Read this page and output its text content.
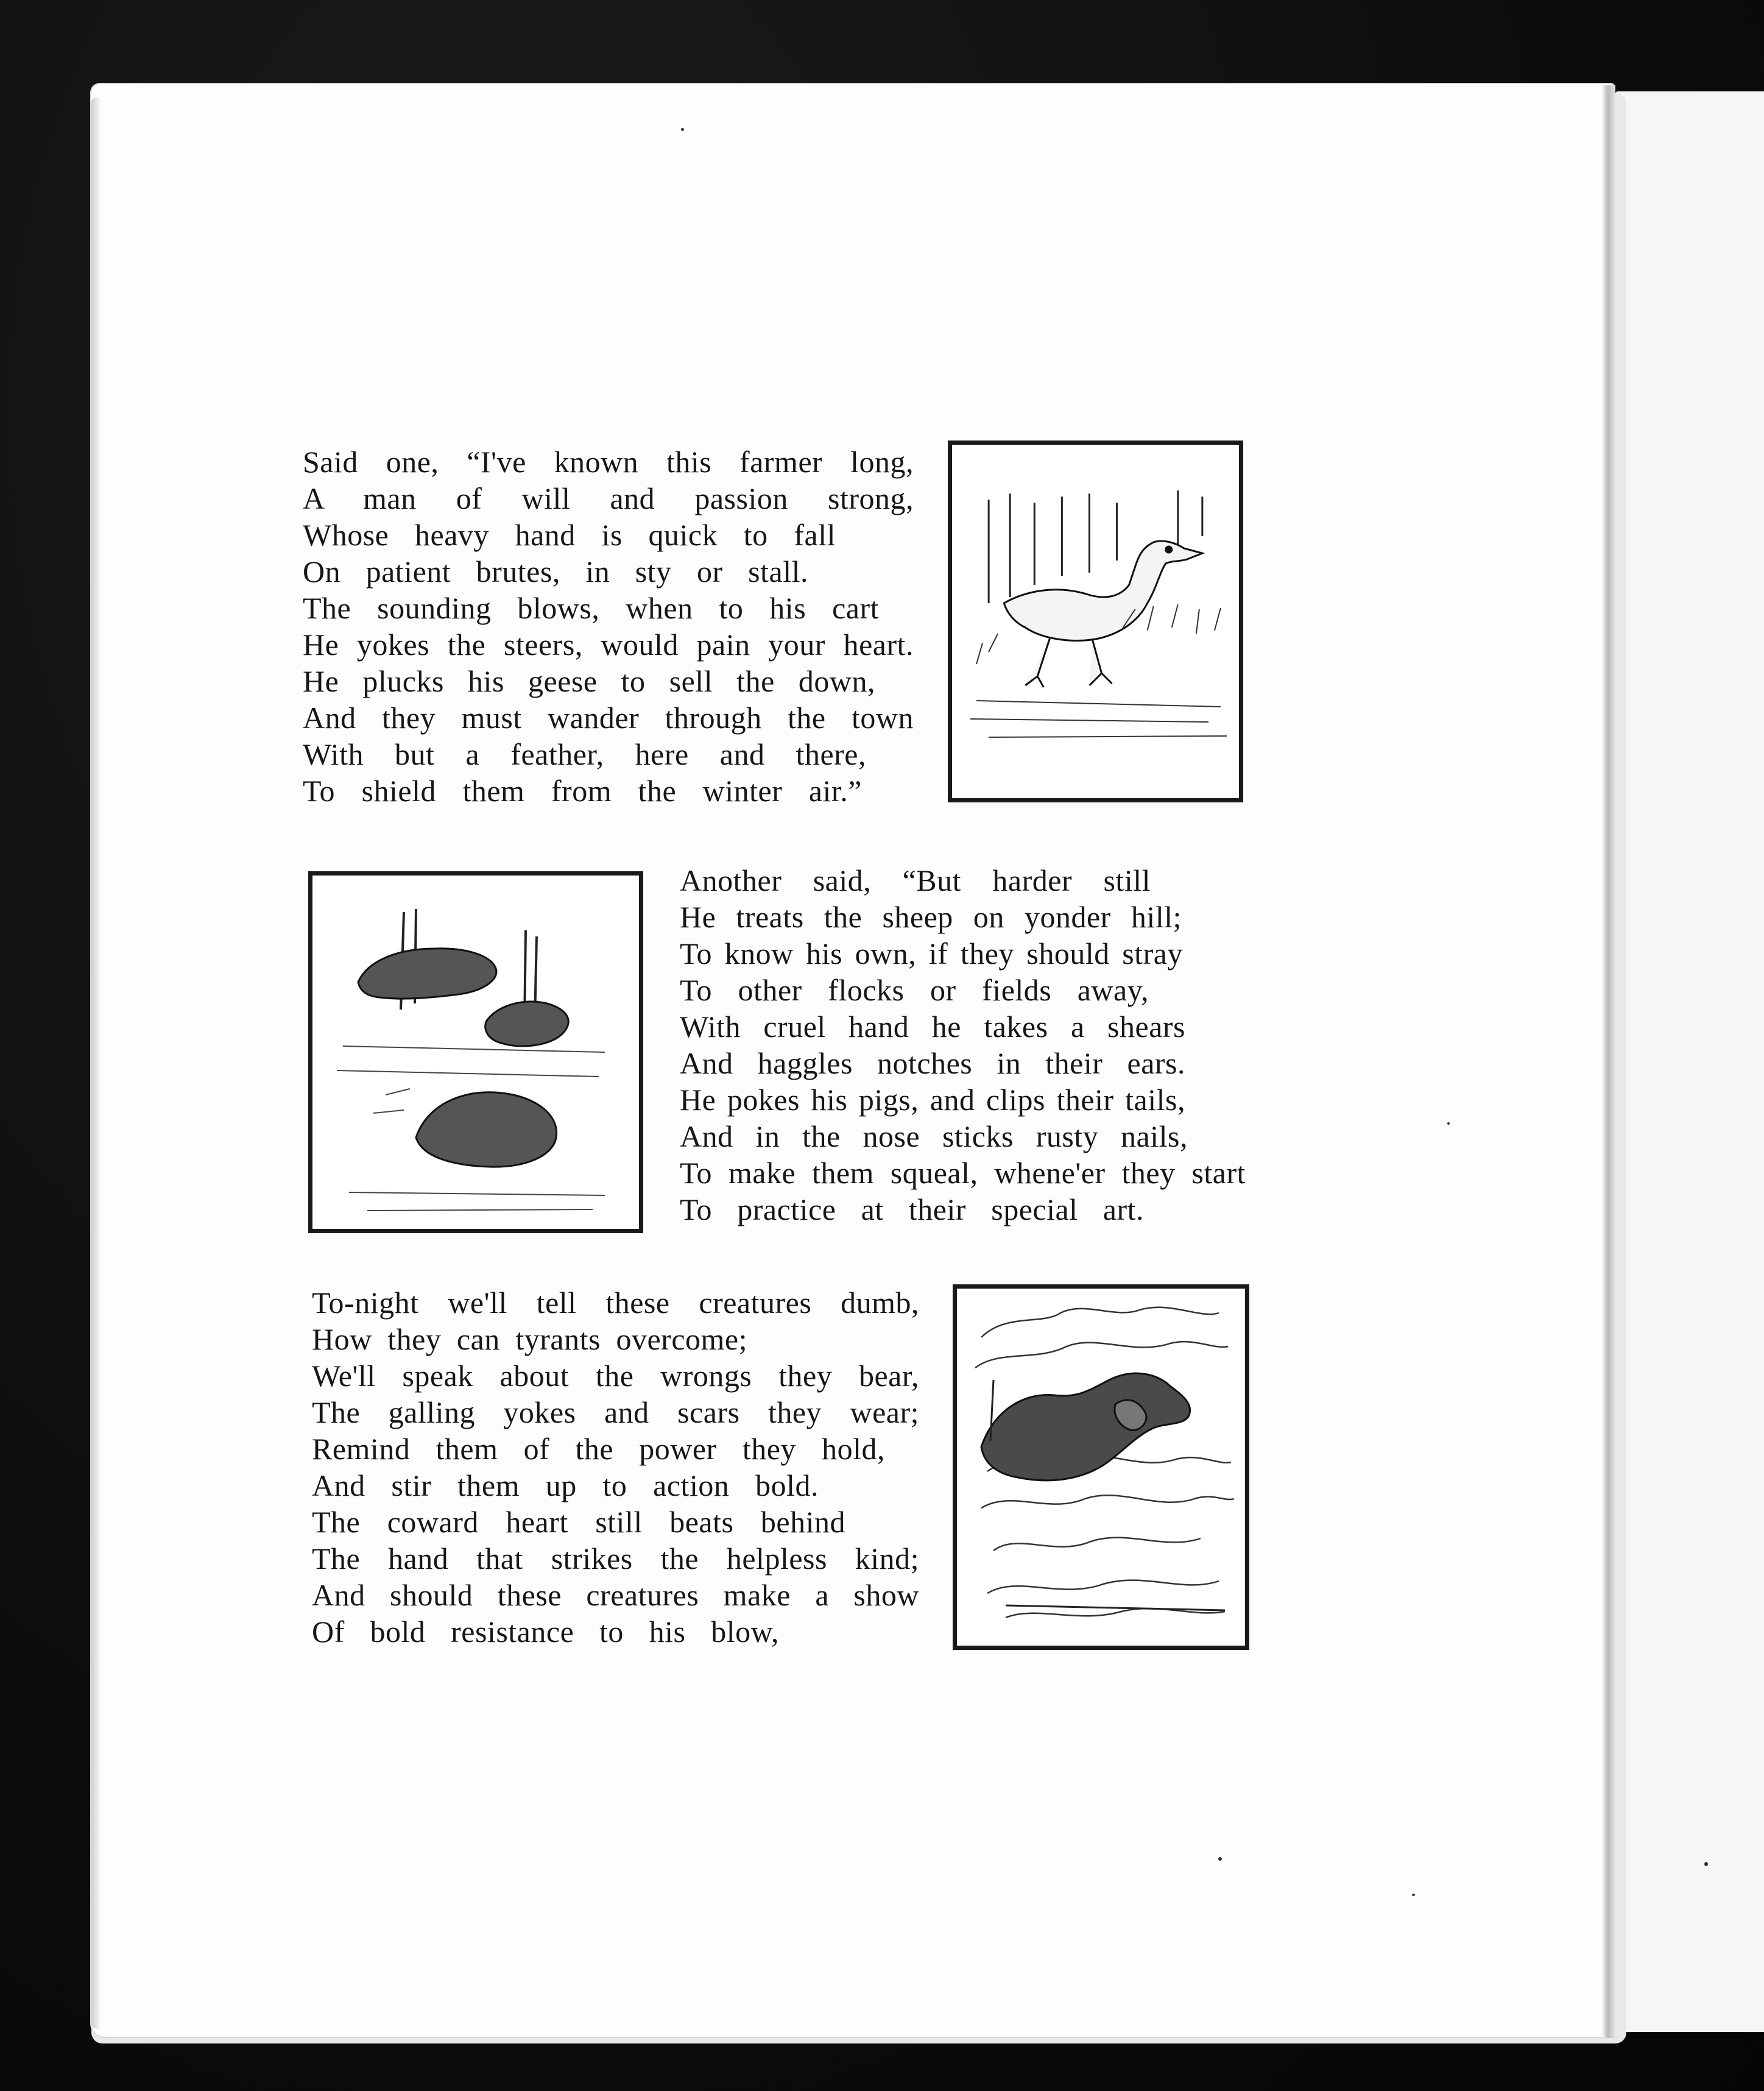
Said one, “I've known this farmer long,
A man of will and passion strong,
Whose heavy hand is quick to fall
On patient brutes, in sty or stall.
The sounding blows, when to his cart
He yokes the steers, would pain your heart.
He plucks his geese to sell the down,
And they must wander through the town
With but a feather, here and there,
To shield them from the winter air.”
Another said, “But harder still
He treats the sheep on yonder hill;
To know his own, if they should stray
To other flocks or fields away,
With cruel hand he takes a shears
And haggles notches in their ears.
He pokes his pigs, and clips their tails,
And in the nose sticks rusty nails,
To make them squeal, whene'er they start
To practice at their special art.
To-night we'll tell these creatures dumb,
How they can tyrants overcome;
We'll speak about the wrongs they bear,
The galling yokes and scars they wear;
Remind them of the power they hold,
And stir them up to action bold.
The coward heart still beats behind
The hand that strikes the helpless kind;
And should these creatures make a show
Of bold resistance to his blow,
